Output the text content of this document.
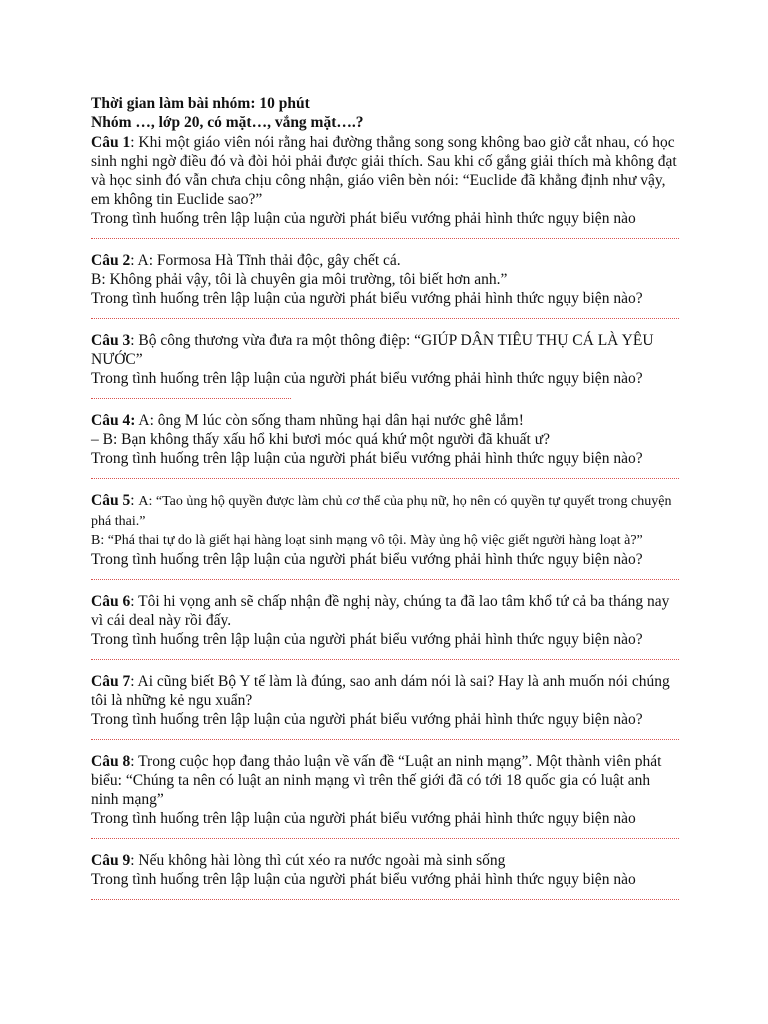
Thời gian làm bài nhóm: 10 phút
Nhóm …, lớp 20, có mặt…, vắng mặt….?
Câu 1: Khi một giáo viên nói rằng hai đường thẳng song song không bao giờ cắt nhau, có học sinh nghi ngờ điều đó và đòi hỏi phải được giải thích. Sau khi cố gắng giải thích mà không đạt và học sinh đó vẫn chưa chịu công nhận, giáo viên bèn nói: “Euclide đã khẳng định như vậy, em không tin Euclide sao?”
Trong tình huống trên lập luận của người phát biểu vướng phải hình thức ngụy biện nào
Câu 2: A: Formosa Hà Tĩnh thải độc, gây chết cá.
B: Không phải vậy, tôi là chuyên gia môi trường, tôi biết hơn anh.”
Trong tình huống trên lập luận của người phát biểu vướng phải hình thức ngụy biện nào?
Câu 3: Bộ công thương vừa đưa ra một thông điệp: “GIÚP DÂN TIÊU THỤ CÁ LÀ YÊU NƯỚC”
Trong tình huống trên lập luận của người phát biểu vướng phải hình thức ngụy biện nào?
Câu 4: A: ông M lúc còn sống tham nhũng hại dân hại nước ghê lắm!
– B: Bạn không thấy xấu hổ khi bươi móc quá khứ một người đã khuất ư?
Trong tình huống trên lập luận của người phát biểu vướng phải hình thức ngụy biện nào?
Câu 5: A: “Tao ủng hộ quyền được làm chủ cơ thể của phụ nữ, họ nên có quyền tự quyết trong chuyện phá thai.”
B: “Phá thai tự do là giết hại hàng loạt sinh mạng vô tội. Mày ủng hộ việc giết người hàng loạt à?”
Trong tình huống trên lập luận của người phát biểu vướng phải hình thức ngụy biện nào?
Câu 6: Tôi hi vọng anh sẽ chấp nhận đề nghị này, chúng ta đã lao tâm khổ tứ cả ba tháng nay vì cái deal này rồi đấy.
Trong tình huống trên lập luận của người phát biểu vướng phải hình thức ngụy biện nào?
Câu 7: Ai cũng biết Bộ Y tế làm là đúng, sao anh dám nói là sai? Hay là anh muốn nói chúng tôi là những kẻ ngu xuẩn?
Trong tình huống trên lập luận của người phát biểu vướng phải hình thức ngụy biện nào?
Câu 8: Trong cuộc họp đang thảo luận về vấn đề “Luật an ninh mạng”. Một thành viên phát biểu: “Chúng ta nên có luật an ninh mạng vì trên thế giới đã có tới 18 quốc gia có luật anh ninh mạng”
Trong tình huống trên lập luận của người phát biểu vướng phải hình thức ngụy biện nào
Câu 9: Nếu không hài lòng thì cút xéo ra nước ngoài mà sinh sống
Trong tình huống trên lập luận của người phát biểu vướng phải hình thức ngụy biện nào
